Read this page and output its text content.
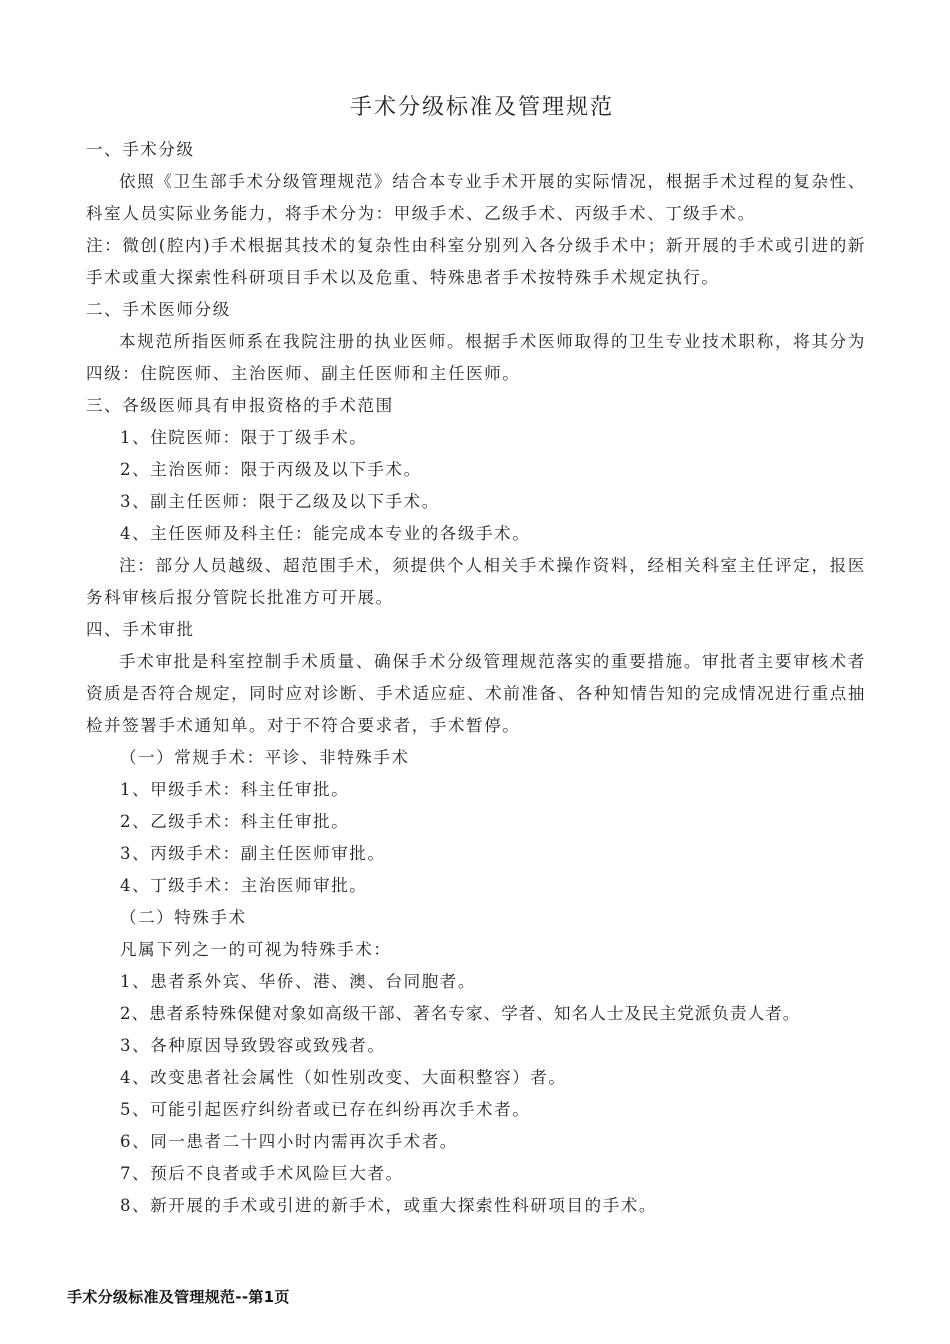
手术分级标准及管理规范
一、手术分级
依照《卫生部手术分级管理规范》结合本专业手术开展的实际情况，根据手术过程的复杂性、科室人员实际业务能力，将手术分为：甲级手术、乙级手术、丙级手术、丁级手术。
注：微创(腔内)手术根据其技术的复杂性由科室分别列入各分级手术中；新开展的手术或引进的新手术或重大探索性科研项目手术以及危重、特殊患者手术按特殊手术规定执行。
二、手术医师分级
本规范所指医师系在我院注册的执业医师。根据手术医师取得的卫生专业技术职称，将其分为四级：住院医师、主治医师、副主任医师和主任医师。
三、各级医师具有申报资格的手术范围
1、住院医师：限于丁级手术。
2、主治医师：限于丙级及以下手术。
3、副主任医师：限于乙级及以下手术。
4、主任医师及科主任：能完成本专业的各级手术。
注：部分人员越级、超范围手术，须提供个人相关手术操作资料，经相关科室主任评定，报医务科审核后报分管院长批准方可开展。
四、手术审批
手术审批是科室控制手术质量、确保手术分级管理规范落实的重要措施。审批者主要审核术者资质是否符合规定，同时应对诊断、手术适应症、术前准备、各种知情告知的完成情况进行重点抽检并签署手术通知单。对于不符合要求者，手术暂停。
（一）常规手术：平诊、非特殊手术
1、甲级手术：科主任审批。
2、乙级手术：科主任审批。
3、丙级手术：副主任医师审批。
4、丁级手术：主治医师审批。
（二）特殊手术
凡属下列之一的可视为特殊手术：
1、患者系外宾、华侨、港、澳、台同胞者。
2、患者系特殊保健对象如高级干部、著名专家、学者、知名人士及民主党派负责人者。
3、各种原因导致毁容或致残者。
4、改变患者社会属性（如性别改变、大面积整容）者。
5、可能引起医疗纠纷者或已存在纠纷再次手术者。
6、同一患者二十四小时内需再次手术者。
7、预后不良者或手术风险巨大者。
8、新开展的手术或引进的新手术，或重大探索性科研项目的手术。
手术分级标准及管理规范--第1页
